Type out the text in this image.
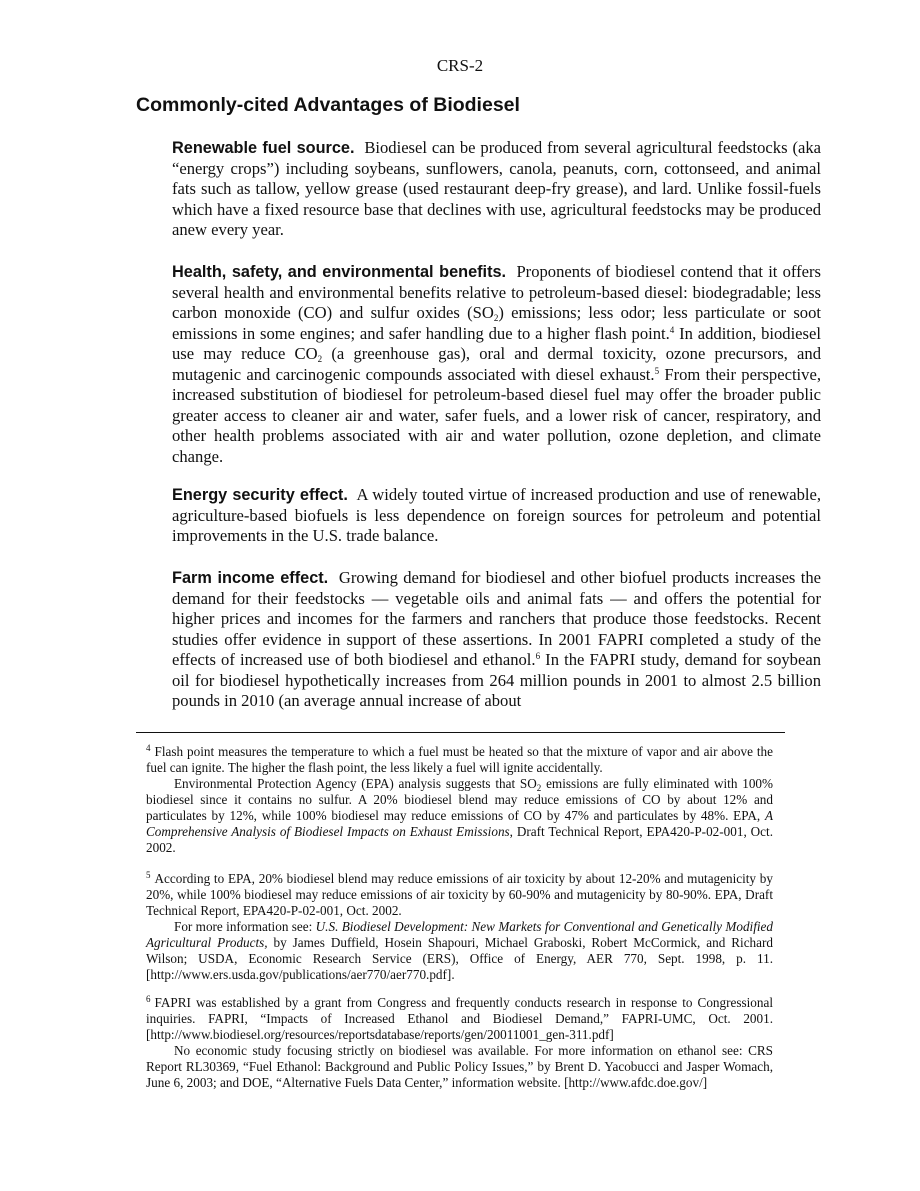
CRS-2
Commonly-cited Advantages of Biodiesel

Renewable fuel source. Biodiesel can be produced from several agricultural feedstocks (aka “energy crops”) including soybeans, sunflowers, canola, peanuts, corn, cottonseed, and animal fats such as tallow, yellow grease (used restaurant deep-fry grease), and lard. Unlike fossil-fuels which have a fixed resource base that declines with use, agricultural feedstocks may be produced anew every year.

Health, safety, and environmental benefits. Proponents of biodiesel contend that it offers several health and environmental benefits relative to petroleum-based diesel: biodegradable; less carbon monoxide (CO) and sulfur oxides $(SO_2)$ emissions; less odor; less particulate or soot emissions in some engines; and safer handling due to a higher flash point.$^4$ In addition, biodiesel use may reduce $CO_2$ (a greenhouse gas), oral and dermal toxicity, ozone precursors, and mutagenic and carcinogenic compounds associated with diesel exhaust.$^5$ From their perspective, increased substitution of biodiesel for petroleum-based diesel fuel may offer the broader public greater access to cleaner air and water, safer fuels, and a lower risk of cancer, respiratory, and other health problems associated with air and water pollution, ozone depletion, and climate change.

Energy security effect. A widely touted virtue of increased production and use of renewable, agriculture-based biofuels is less dependence on foreign sources for petroleum and potential improvements in the U.S. trade balance.

Farm income effect. Growing demand for biodiesel and other biofuel products increases the demand for their feedstocks — vegetable oils and animal fats — and offers the potential for higher prices and incomes for the farmers and ranchers that produce those feedstocks. Recent studies offer evidence in support of these assertions. In 2001 FAPRI completed a study of the effects of increased use of both biodiesel and ethanol.$^6$ In the FAPRI study, demand for soybean oil for biodiesel hypothetically increases from 264 million pounds in 2001 to almost 2.5 billion pounds in 2010 (an average annual increase of about

$^4$ Flash point measures the temperature to which a fuel must be heated so that the mixture of vapor and air above the fuel can ignite. The higher the flash point, the less likely a fuel will ignite accidentally.
Environmental Protection Agency (EPA) analysis suggests that $SO_2$ emissions are fully eliminated with 100% biodiesel since it contains no sulfur. A 20% biodiesel blend may reduce emissions of CO by about 12% and particulates by 12%, while 100% biodiesel may reduce emissions of CO by 47% and particulates by 48%. EPA, A Comprehensive Analysis of Biodiesel Impacts on Exhaust Emissions, Draft Technical Report, EPA420-P-02-001, Oct. 2002.
$^5$ According to EPA, 20% biodiesel blend may reduce emissions of air toxicity by about 12-20% and mutagenicity by 20%, while 100% biodiesel may reduce emissions of air toxicity by 60-90% and mutagenicity by 80-90%. EPA, Draft Technical Report, EPA420-P-02-001, Oct. 2002.
For more information see: U.S. Biodiesel Development: New Markets for Conventional and Genetically Modified Agricultural Products, by James Duffield, Hosein Shapouri, Michael Graboski, Robert McCormick, and Richard Wilson; USDA, Economic Research Service (ERS), Office of Energy, AER 770, Sept. 1998, p. 11. [http://www.ers.usda.gov/publications/aer770/aer770.pdf].
$^6$ FAPRI was established by a grant from Congress and frequently conducts research in response to Congressional inquiries. FAPRI, “Impacts of Increased Ethanol and Biodiesel Demand,” FAPRI-UMC, Oct. 2001. [http://www.biodiesel.org/resources/reportsdatabase/reports/gen/20011001_gen-311.pdf]
No economic study focusing strictly on biodiesel was available. For more information on ethanol see: CRS Report RL30369, “Fuel Ethanol: Background and Public Policy Issues,” by Brent D. Yacobucci and Jasper Womach, June 6, 2003; and DOE, “Alternative Fuels Data Center,” information website. [http://www.afdc.doe.gov/]
